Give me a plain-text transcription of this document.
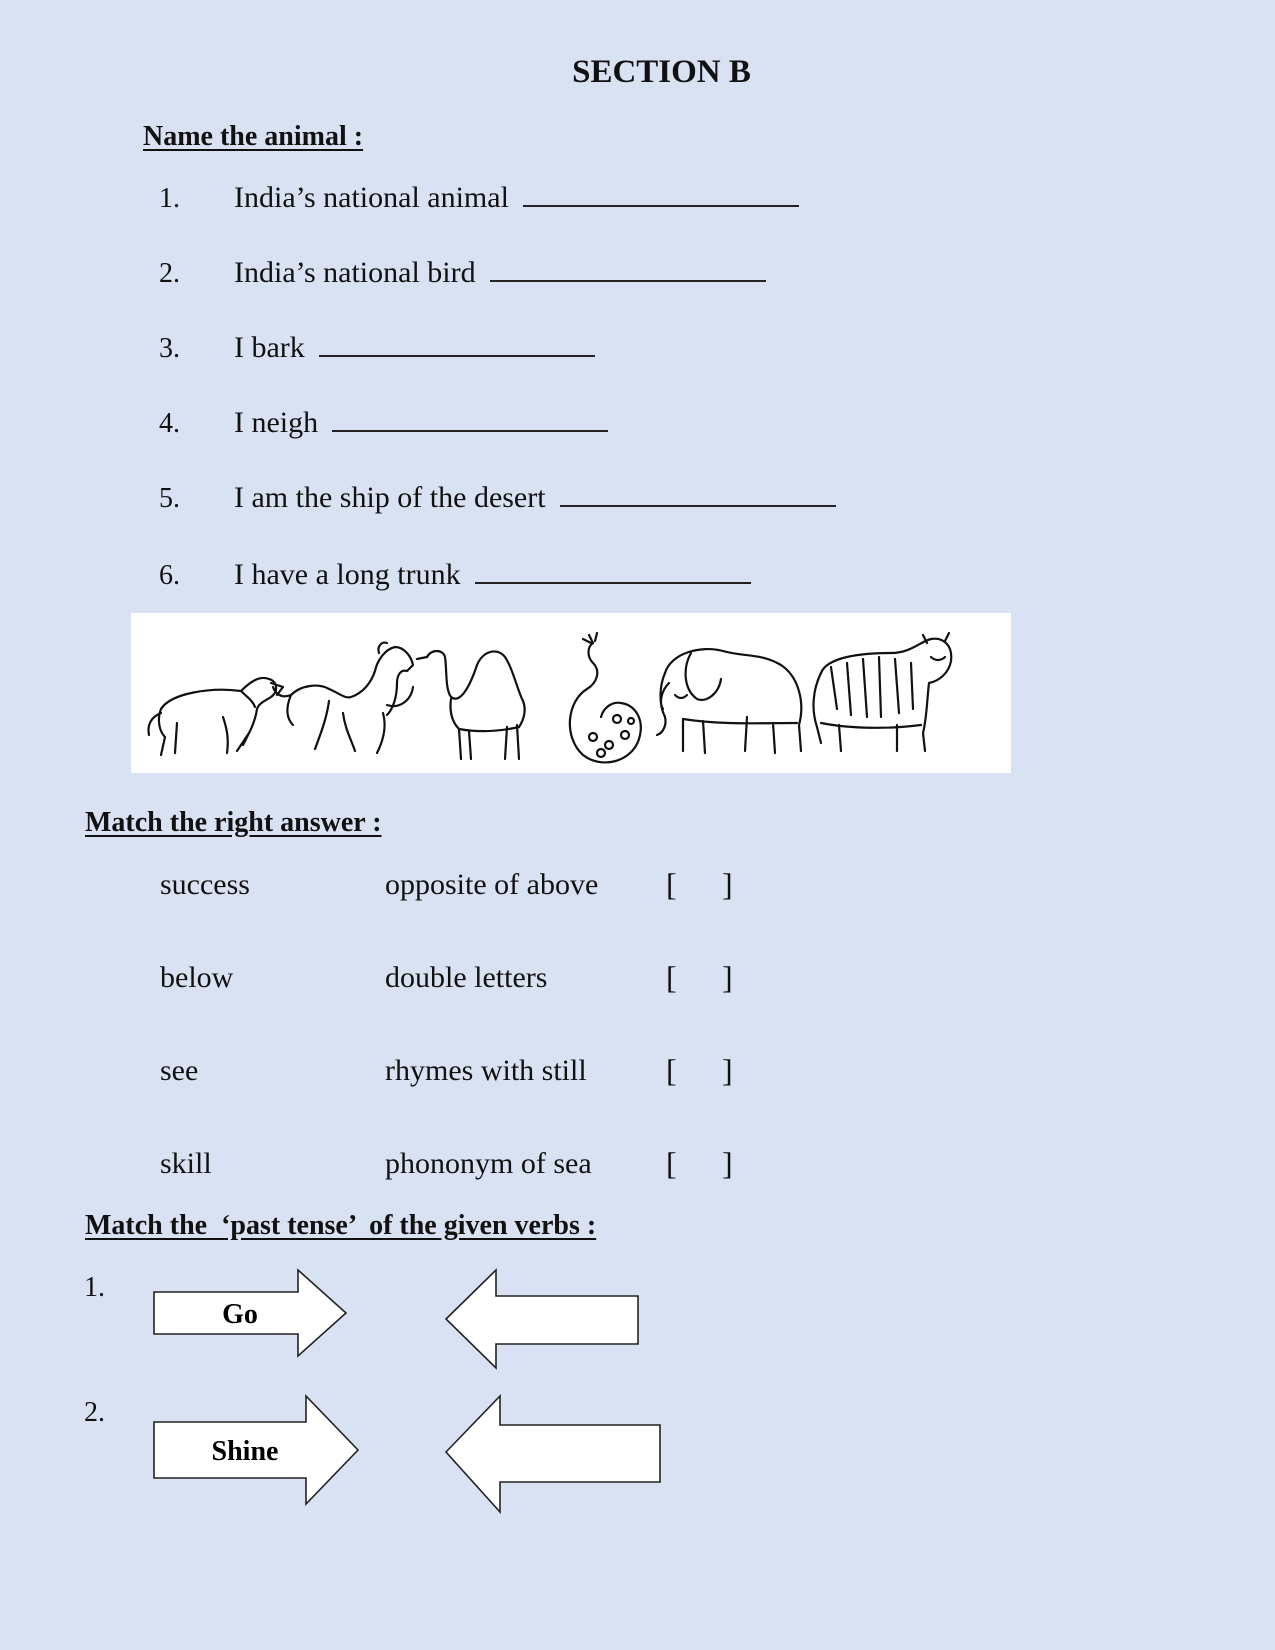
SECTION B

Name the animal :

1. India’s national animal
2. India’s national bird
3. I bark
4. I neigh
5. I am the ship of the desert
6. I have a long trunk

Match the right answer :

success	opposite of above [ ]
below	double letters	[ ]
see	rhymes with still [ ]
skill	phononym of sea [ ]

Match the  ‘past tense’  of the given verbs :

1.
Go
2.
Shine
